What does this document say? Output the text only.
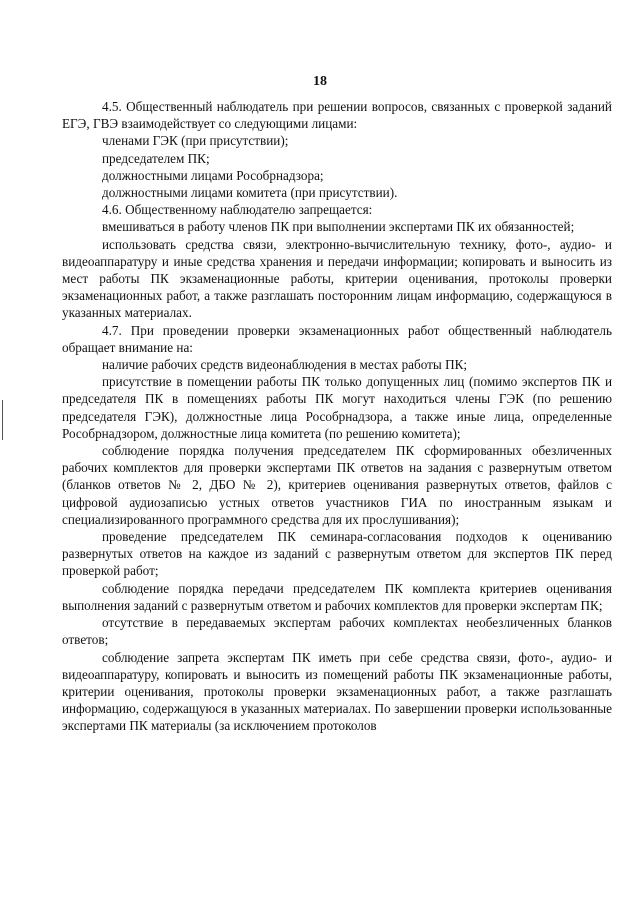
18

4.5. Общественный наблюдатель при решении вопросов, связанных с проверкой заданий ЕГЭ, ГВЭ взаимодействует со следующими лицами:

членами ГЭК (при присутствии);

председателем ПК;

должностными лицами Рособрнадзора;

должностными лицами комитета (при присутствии).

4.6. Общественному наблюдателю запрещается:

вмешиваться в работу членов ПК при выполнении экспертами ПК их обязанностей;

использовать средства связи, электронно-вычислительную технику, фото-, аудио- и видеоаппаратуру и иные средства хранения и передачи информации; копировать и выносить из мест работы ПК экзаменационные работы, критерии оценивания, протоколы проверки экзаменационных работ, а также разглашать посторонним лицам информацию, содержащуюся в указанных материалах.

4.7. При проведении проверки экзаменационных работ общественный наблюдатель обращает внимание на:

наличие рабочих средств видеонаблюдения в местах работы ПК;

присутствие в помещении работы ПК только допущенных лиц (помимо экспертов ПК и председателя ПК в помещениях работы ПК могут находиться члены ГЭК (по решению председателя ГЭК), должностные лица Рособрнадзора, а также иные лица, определенные Рособрнадзором, должностные лица комитета (по решению комитета);

соблюдение порядка получения председателем ПК сформированных обезличенных рабочих комплектов для проверки экспертами ПК ответов на задания с развернутым ответом (бланков ответов № 2, ДБО № 2), критериев оценивания развернутых ответов, файлов с цифровой аудиозаписью устных ответов участников ГИА по иностранным языкам и специализированного программного средства для их прослушивания);

проведение председателем ПК семинара-согласования подходов к оцениванию развернутых ответов на каждое из заданий с развернутым ответом для экспертов ПК перед проверкой работ;

соблюдение порядка передачи председателем ПК комплекта критериев оценивания выполнения заданий с развернутым ответом и рабочих комплектов для проверки экспертам ПК;

отсутствие в передаваемых экспертам рабочих комплектах необезличенных бланков ответов;

соблюдение запрета экспертам ПК иметь при себе средства связи, фото-, аудио- и видеоаппаратуру, копировать и выносить из помещений работы ПК экзаменационные работы, критерии оценивания, протоколы проверки экзаменационных работ, а также разглашать информацию, содержащуюся в указанных материалах. По завершении проверки использованные экспертами ПК материалы (за исключением протоколов
